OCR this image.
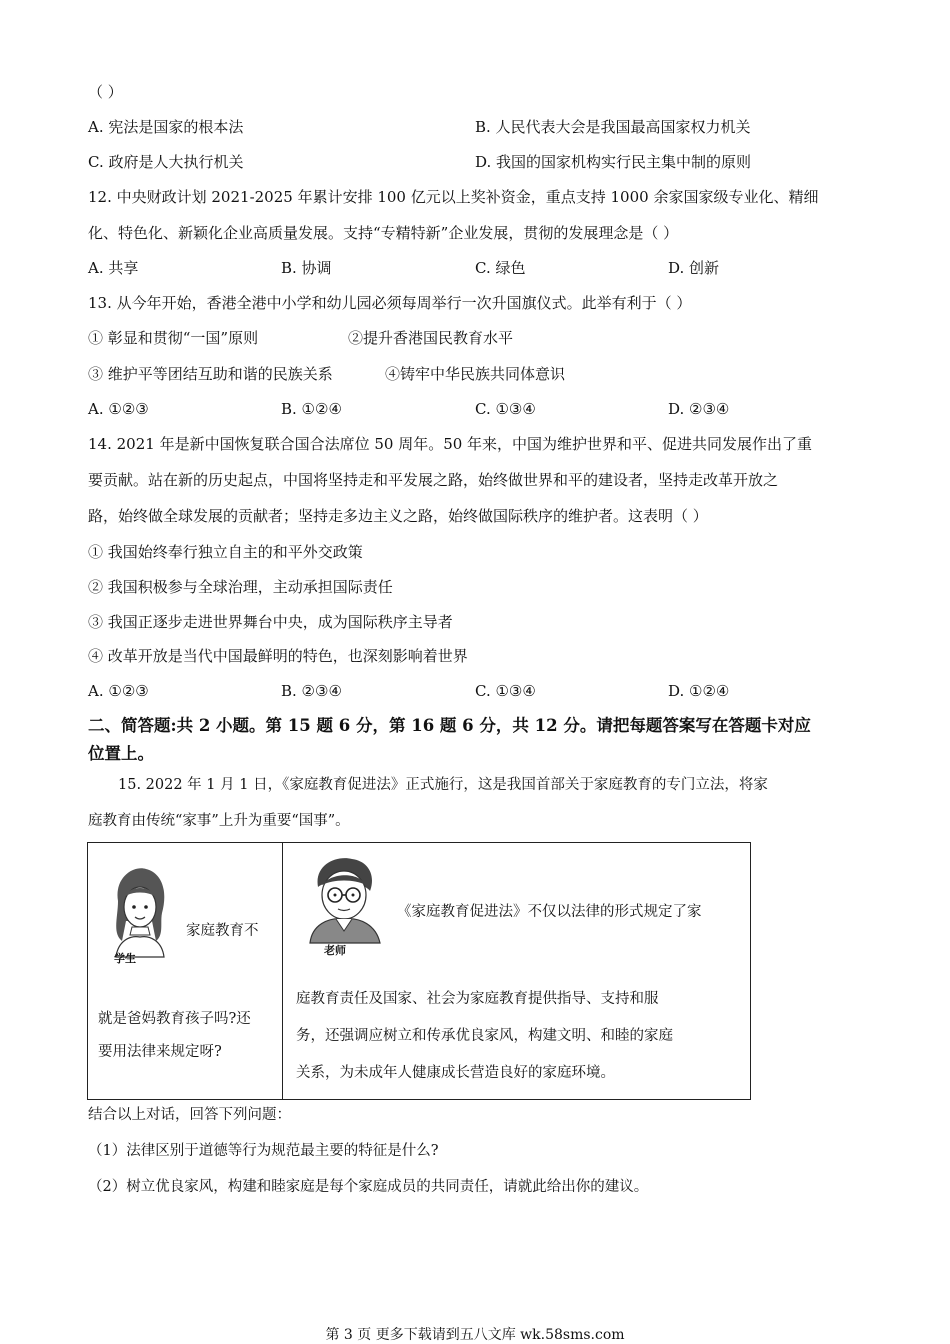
（ ）
A. 宪法是国家的根本法	B. 人民代表大会是我国最高国家权力机关
C. 政府是人大执行机关	D. 我国的国家机构实行民主集中制的原则
12. 中央财政计划 2021-2025 年累计安排 100 亿元以上奖补资金，重点支持 1000 余家国家级专业化、精细
化、特色化、新颖化企业高质量发展。支持“专精特新”企业发展，贯彻的发展理念是（ ）
A. 共享	B. 协调	C. 绿色	D. 创新
13. 从今年开始，香港全港中小学和幼儿园必须每周举行一次升国旗仪式。此举有利于（ ）
① 彰显和贯彻“一国”原则	②提升香港国民教育水平
③ 维护平等团结互助和谐的民族关系	④铸牢中华民族共同体意识
A. ①②③	B. ①②④	C. ①③④	D. ②③④
14. 2021 年是新中国恢复联合国合法席位 50 周年。50 年来，中国为维护世界和平、促进共同发展作出了重
要贡献。站在新的历史起点，中国将坚持走和平发展之路，始终做世界和平的建设者，坚持走改革开放之
路，始终做全球发展的贡献者；坚持走多边主义之路，始终做国际秩序的维护者。这表明（ ）
① 我国始终奉行独立自主的和平外交政策
② 我国积极参与全球治理，主动承担国际责任
③ 我国正逐步走进世界舞台中央，成为国际秩序主导者
④ 改革开放是当代中国最鲜明的特色，也深刻影响着世界
A. ①②③	B. ②③④	C. ①③④	D. ①②④
二、简答题:共 2 小题。第 15 题 6 分，第 16 题 6 分，共 12 分。请把每题答案写在答题卡对应
位置上。
15. 2022 年 1 月 1 日，《家庭教育促进法》正式施行，这是我国首部关于家庭教育的专门立法，将家
庭教育由传统“家事”上升为重要“国事”。
学生
家庭教育不
就是爸妈教育孩子吗?还
要用法律来规定呀?
老师
《家庭教育促进法》不仅以法律的形式规定了家
庭教育责任及国家、社会为家庭教育提供指导、支持和服
务，还强调应树立和传承优良家风，构建文明、和睦的家庭
关系，为未成年人健康成长营造良好的家庭环境。
结合以上对话，回答下列问题：
（1）法律区别于道德等行为规范最主要的特征是什么?
（2）树立优良家风，构建和睦家庭是每个家庭成员的共同责任，请就此给出你的建议。
第 3 页 更多下载请到五八文库 wk.58sms.com
